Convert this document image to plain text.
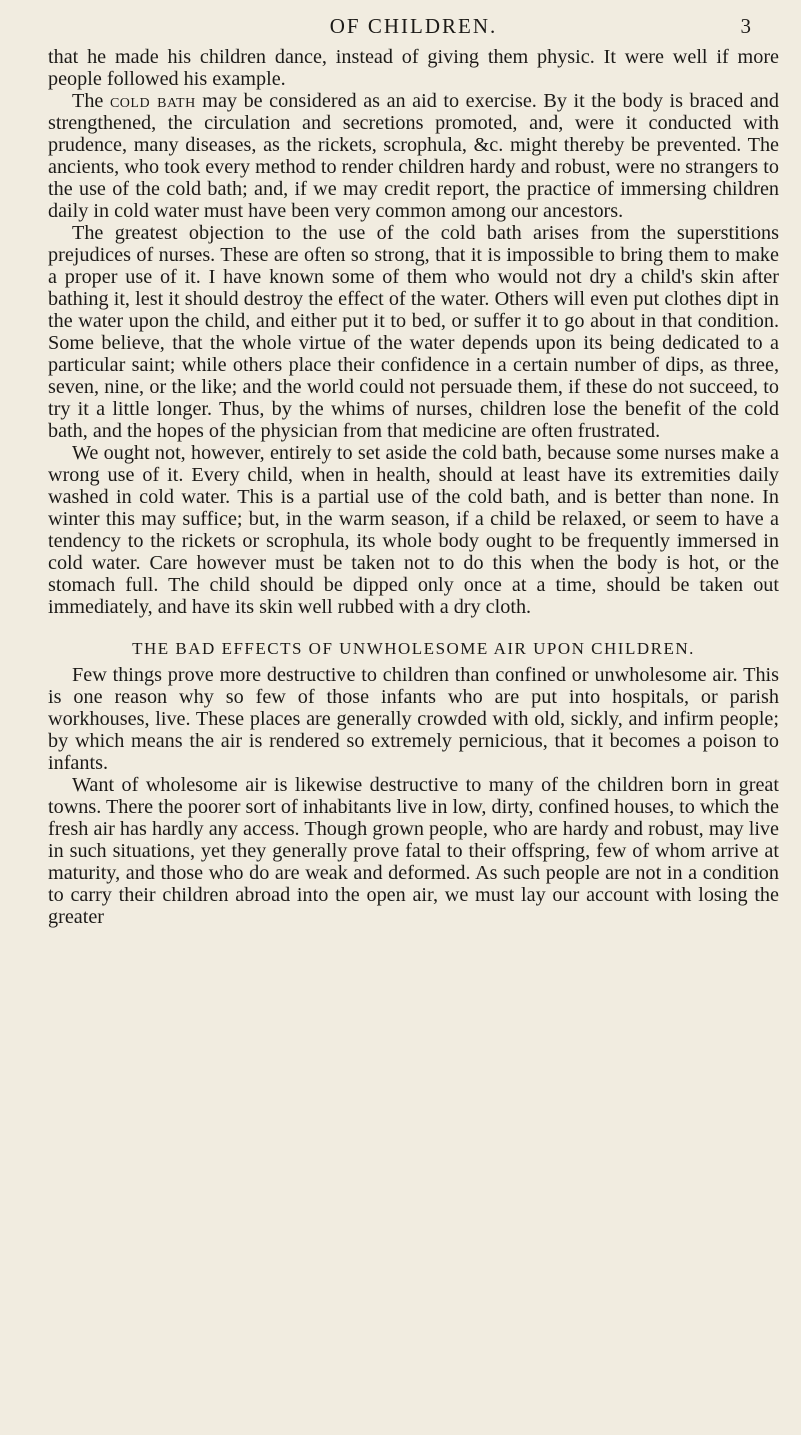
OF CHILDREN.	3

that he made his children dance, instead of giving them physic. It were well if more people followed his example.

The cold bath may be considered as an aid to exercise. By it the body is braced and strengthened, the circulation and secretions promoted, and, were it conducted with prudence, many diseases, as the rickets, scrophula, &c. might thereby be prevented. The ancients, who took every method to render children hardy and robust, were no strangers to the use of the cold bath; and, if we may credit report, the practice of immersing children daily in cold water must have been very common among our ancestors.

The greatest objection to the use of the cold bath arises from the superstitions prejudices of nurses. These are often so strong, that it is impossible to bring them to make a proper use of it. I have known some of them who would not dry a child's skin after bathing it, lest it should destroy the effect of the water. Others will even put clothes dipt in the water upon the child, and either put it to bed, or suffer it to go about in that condition. Some believe, that the whole virtue of the water depends upon its being dedicated to a particular saint; while others place their confidence in a certain number of dips, as three, seven, nine, or the like; and the world could not persuade them, if these do not succeed, to try it a little longer. Thus, by the whims of nurses, children lose the benefit of the cold bath, and the hopes of the physician from that medicine are often frustrated.

We ought not, however, entirely to set aside the cold bath, because some nurses make a wrong use of it. Every child, when in health, should at least have its extremities daily washed in cold water. This is a partial use of the cold bath, and is better than none. In winter this may suffice; but, in the warm season, if a child be relaxed, or seem to have a tendency to the rickets or scrophula, its whole body ought to be frequently immersed in cold water. Care however must be taken not to do this when the body is hot, or the stomach full. The child should be dipped only once at a time, should be taken out immediately, and have its skin well rubbed with a dry cloth.

THE BAD EFFECTS OF UNWHOLESOME AIR UPON CHILDREN.

Few things prove more destructive to children than confined or unwholesome air. This is one reason why so few of those infants who are put into hospitals, or parish workhouses, live. These places are generally crowded with old, sickly, and infirm people; by which means the air is rendered so extremely pernicious, that it becomes a poison to infants.

Want of wholesome air is likewise destructive to many of the children born in great towns. There the poorer sort of inhabitants live in low, dirty, confined houses, to which the fresh air has hardly any access. Though grown people, who are hardy and robust, may live in such situations, yet they generally prove fatal to their offspring, few of whom arrive at maturity, and those who do are weak and deformed. As such people are not in a condition to carry their children abroad into the open air, we must lay our account with losing the greater
